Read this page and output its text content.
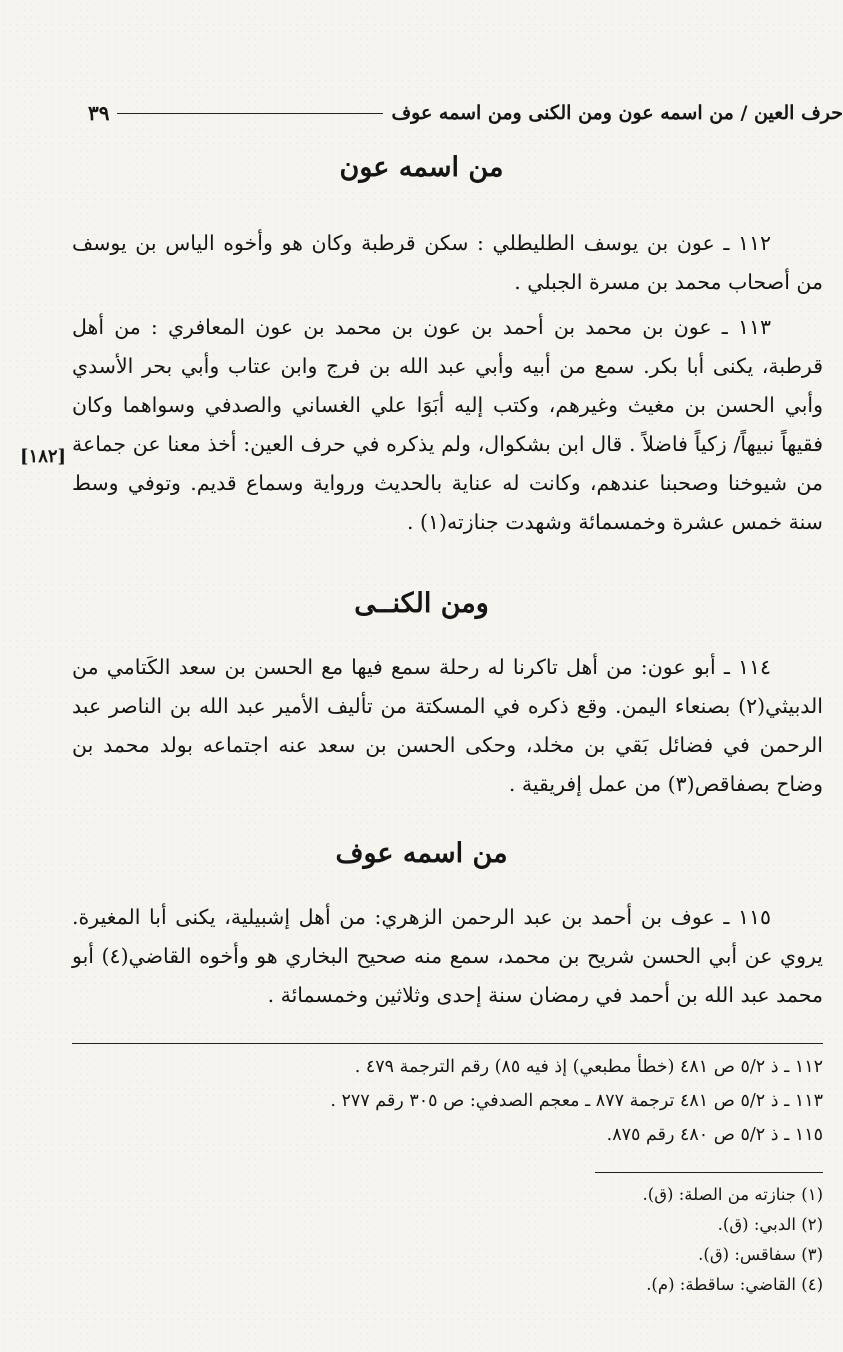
حرف العين / من اسمه عون ومن الكنى ومن اسمه عوف
٣٩
من اسمه عون

١١٢ ـ عون بن يوسف الطليطلي : سكن قرطبة وكان هو وأخوه الياس بن يوسف من أصحاب محمد بن مسرة الجبلي .

١١٣ ـ عون بن محمد بن أحمد بن عون بن محمد بن عون المعافري : من أهل قرطبة، يكنى أبا بكر. سمع من أبيه وأبي عبد الله بن فرج وابن عتاب وأبي بحر الأسدي وأبي الحسن بن مغيث وغيرهم، وكتب إليه أبَوَا علي الغساني والصدفي وسواهما وكان فقيهاً نبيهاً/ زكياً فاضلاً . قال ابن بشكوال، ولم يذكره في حرف العين: أخذ معنا عن جماعة من شيوخنا وصحبنا عندهم، وكانت له عناية بالحديث ورواية وسماع قديم. وتوفي وسط سنة خمس عشرة وخمسمائة وشهدت جنازته(١) .

[١٨٢]
ومن الكنــى

١١٤ ـ أبو عون: من أهل تاكرنا له رحلة سمع فيها مع الحسن بن سعد الكَتامي من الدبيثي(٢) بصنعاء اليمن. وقع ذكره في المسكتة من تأليف الأمير عبد الله بن الناصر عبد الرحمن في فضائل بَقي بن مخلد، وحكى الحسن بن سعد عنه اجتماعه بولد محمد بن وضاح بصفاقص(٣) من عمل إفريقية .

من اسمه عوف

١١٥ ـ عوف بن أحمد بن عبد الرحمن الزهري: من أهل إشبيلية، يكنى أبا المغيرة. يروي عن أبي الحسن شريح بن محمد، سمع منه صحيح البخاري هو وأخوه القاضي(٤) أبو محمد عبد الله بن أحمد في رمضان سنة إحدى وثلاثين وخمسمائة .

١١٢ ـ ذ ٥/٢ ص ٤٨١ (خطأ مطبعي) إذ فيه ٨٥) رقم الترجمة ٤٧٩ .
١١٣ ـ ذ ٥/٢ ص ٤٨١ ترجمة ٨٧٧ ـ معجم الصدفي: ص ٣٠٥ رقم ٢٧٧ .
١١٥ ـ ذ ٥/٢ ص ٤٨٠ رقم ٨٧٥.
(١) جنازته من الصلة: (ق).
(٢) الدبي: (ق).
(٣) سفاقس: (ق).
(٤) القاضي: ساقطة: (م).
